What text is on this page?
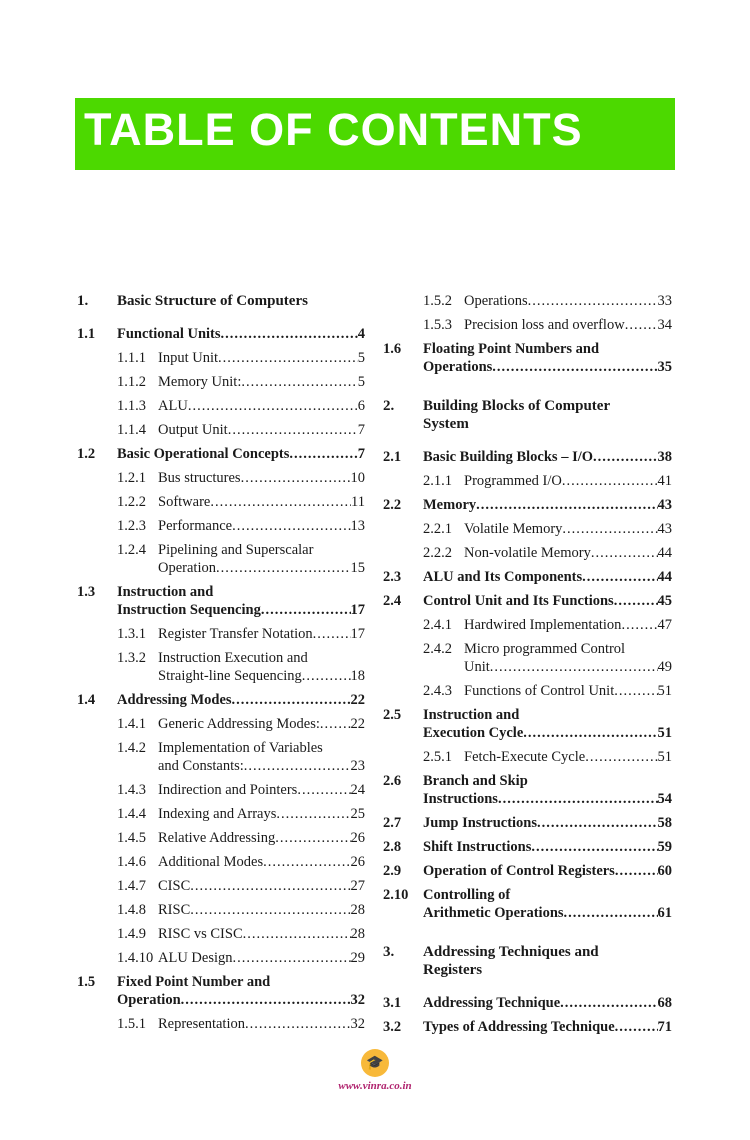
TABLE OF CONTENTS
1. Basic Structure of Computers
1.1 Functional Units .....	4
1.1.1 Input Unit .....	5
1.1.2 Memory Unit: .....	5
1.1.3 ALU .....	6
1.1.4 Output Unit .....	7
1.2 Basic Operational Concepts .....	7
1.2.1 Bus structures .....	10
1.2.2 Software .....	11
1.2.3 Performance .....	13
1.2.4 Pipelining and Superscalar
Operation .....	15
1.3 Instruction and
Instruction Sequencing .....	17
1.3.1 Register Transfer Notation .....	17
1.3.2 Instruction Execution and
Straight-line Sequencing .....	18
1.4 Addressing Modes .....	22
1.4.1 Generic Addressing Modes: ..... 22
1.4.2 Implementation of Variables
and Constants: .....	23
1.4.3 Indirection and Pointers .....	24
1.4.4 Indexing and Arrays .....	25
1.4.5 Relative Addressing .....	26
1.4.6 Additional Modes .....	26
1.4.7 CISC .....	27
1.4.8 RISC .....	28
1.4.9 RISC vs CISC .....	28
1.4.10 ALU Design .....	29
1.5 Fixed Point Number and
Operation .....	32
1.5.1 Representation .....	32
1.5.2 Operations .....	33
1.5.3 Precision loss and overflow ..... 34
1.6 Floating Point Numbers and
Operations .....	35
2. Building Blocks of Computer
System
2.1 Basic Building Blocks – I/O .....	38
2.1.1 Programmed I/O .....	41
2.2 Memory .....	43
2.2.1 Volatile Memory .....	43
2.2.2 Non-volatile Memory .....	44
2.3 ALU and Its Components .....	44
2.4 Control Unit and Its Functions .....	45
2.4.1 Hardwired Implementation ..... 47
2.4.2 Micro programmed Control
Unit .....	49
2.4.3 Functions of Control Unit .....	51
2.5 Instruction and
Execution Cycle .....	51
2.5.1 Fetch-Execute Cycle .....	51
2.6 Branch and Skip
Instructions .....	54
2.7 Jump Instructions .....	58
2.8 Shift Instructions .....	59
2.9 Operation of Control Registers .....	60
2.10 Controlling of
Arithmetic Operations .....	61
3. Addressing Techniques and
Registers
3.1 Addressing Technique .....	68
3.2 Types of Addressing Technique .....	71
🎓
www.vinra.co.in
